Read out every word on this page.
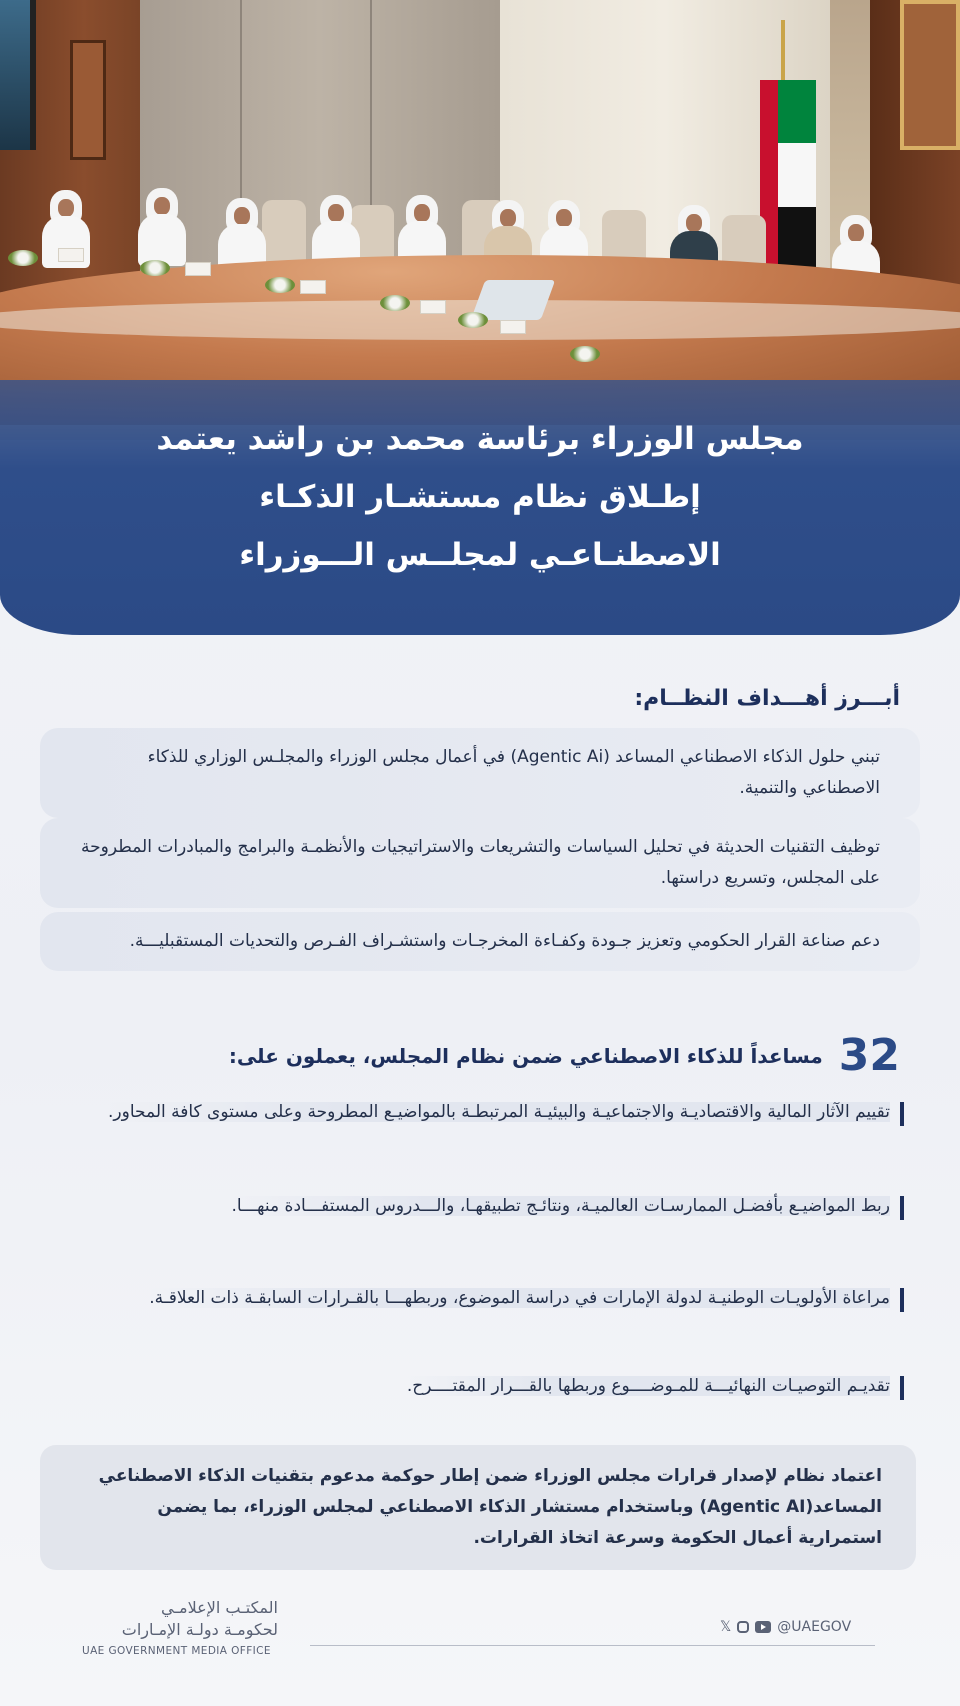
مجلس الوزراء برئاسة محمد بن راشد يعتمد
إطـلاق نظام مستشـار الذكـاء
الاصطنـاعـي لمجلــس الـــوزراء
أبـــرز أهـــداف النظــام:
تبني حلول الذكاء الاصطناعي المساعد (Agentic Ai) في أعمال مجلس الوزراء والمجلـس الوزاري للذكاء الاصطناعي والتنمية.
توظيف التقنيات الحديثة في تحليل السياسات والتشريعات والاستراتيجيات والأنظمـة والبرامج والمبادرات المطروحة على المجلس، وتسريع دراستها.
دعم صناعة القرار الحكومي وتعزيز جـودة وكفـاءة المخرجـات واستشـراف الفـرص والتحديات المستقبليـــة.
32
مساعداً للذكاء الاصطناعي ضمن نظام المجلس، يعملون على:
تقييم الآثار المالية والاقتصاديـة والاجتماعيـة والبيئيـة المرتبطـة بالمواضيـع المطروحة وعلى مستوى كافة المحاور.
ربط المواضيـع بأفضـل الممارسـات العالميـة، ونتائـج تطبيقهـا، والـــدروس المستفـــادة منهـــا.
مراعاة الأولويـات الوطنيـة لدولة الإمارات في دراسة الموضوع، وربطهـــا بالقـرارات السابقـة ذات العلاقـة.
تقديـم التوصيـات النهائيـــة للمـوضــــوع وربطها بالقـــرار المقتــــرح.
اعتماد نظام لإصدار قرارات مجلس الوزراء ضمن إطار حوكمة مدعوم بتقنيات الذكاء الاصطناعي المساعد(Agentic AI) وباستخدام مستشار الذكاء الاصطناعي لمجلس الوزراء، بما يضمن استمرارية أعمال الحكومة وسرعة اتخاذ القرارات.
المكتـب الإعلامـي
لحكومـة دولـة الإمـارات
UAE GOVERNMENT MEDIA OFFICE
𝕏	@UAEGOV
